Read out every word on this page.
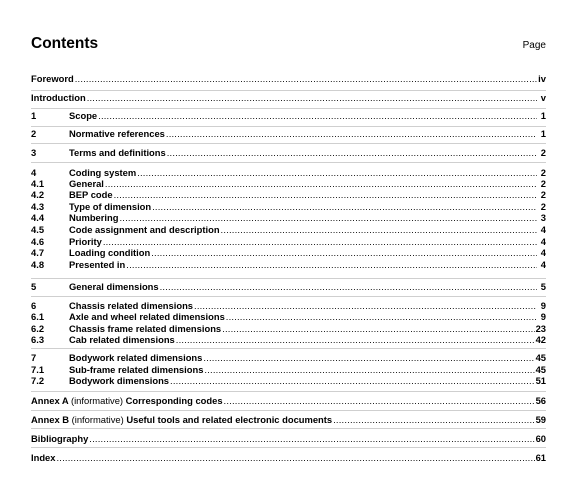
Contents	Page
Foreword .....	iv
Introduction .....	v
1	Scope .....	1
2	Normative references .....	1
3	Terms and definitions .....	2
4	Coding system .....	2
4.1	General .....	2
4.2	BEP code .....	2
4.3	Type of dimension .....	2
4.4	Numbering .....	3
4.5	Code assignment and description .....	4
4.6	Priority .....	4
4.7	Loading condition .....	4
4.8	Presented in .....	4
5	General dimensions .....	5
6	Chassis related dimensions .....	9
6.1	Axle and wheel related dimensions .....	9
6.2	Chassis frame related dimensions .....	23
6.3	Cab related dimensions .....	42
7	Bodywork related dimensions .....	45
7.1	Sub-frame related dimensions .....	45
7.2	Bodywork dimensions .....	51
Annex A (informative) Corresponding codes .....	56
Annex B (informative) Useful tools and related electronic documents .....	59
Bibliography .....	60
Index .....	61
